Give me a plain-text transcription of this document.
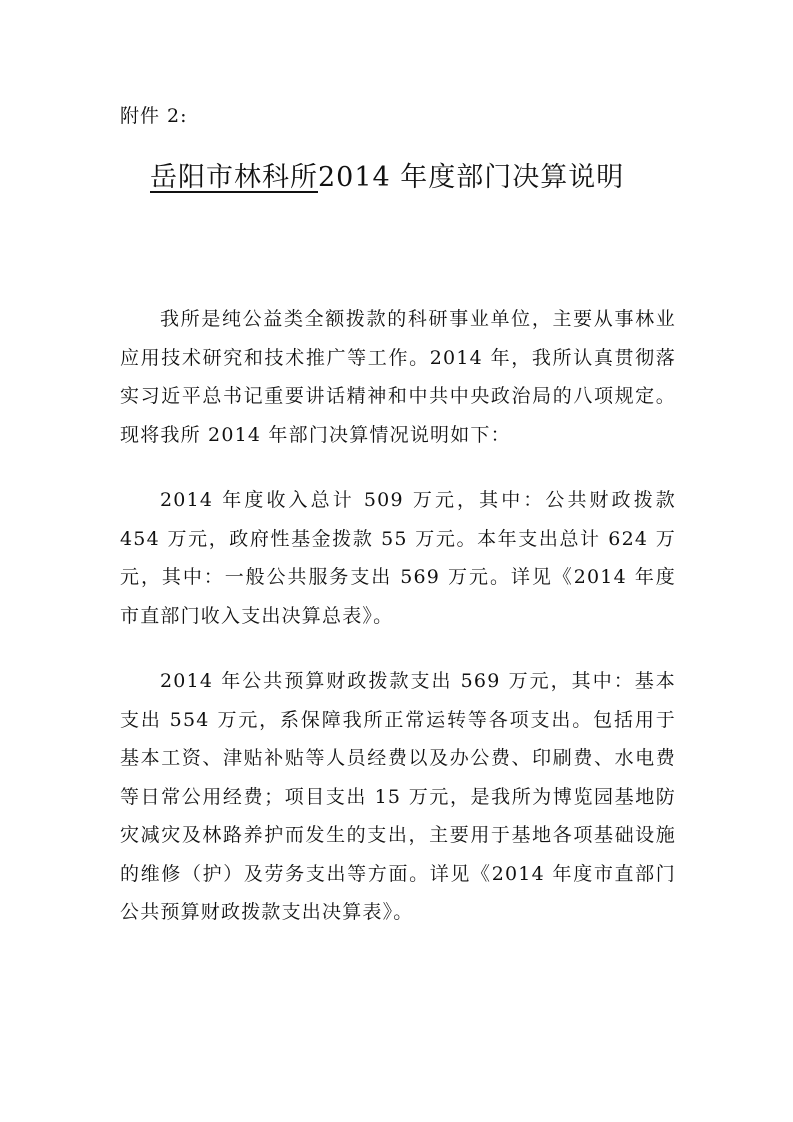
附件 2:
岳阳市林科所2014 年度部门决算说明

我所是纯公益类全额拨款的科研事业单位，主要从事林业应用技术研究和技术推广等工作。2014 年，我所认真贯彻落实习近平总书记重要讲话精神和中共中央政治局的八项规定。现将我所 2014 年部门决算情况说明如下：

2014 年度收入总计 509 万元，其中：公共财政拨款 454 万元，政府性基金拨款 55 万元。本年支出总计 624 万元，其中：一般公共服务支出 569 万元。详见《2014 年度市直部门收入支出决算总表》。

2014 年公共预算财政拨款支出 569 万元，其中：基本支出 554 万元，系保障我所正常运转等各项支出。包括用于基本工资、津贴补贴等人员经费以及办公费、印刷费、水电费等日常公用经费；项目支出 15 万元，是我所为博览园基地防灾减灾及林路养护而发生的支出，主要用于基地各项基础设施的维修（护）及劳务支出等方面。详见《2014 年度市直部门公共预算财政拨款支出决算表》。
